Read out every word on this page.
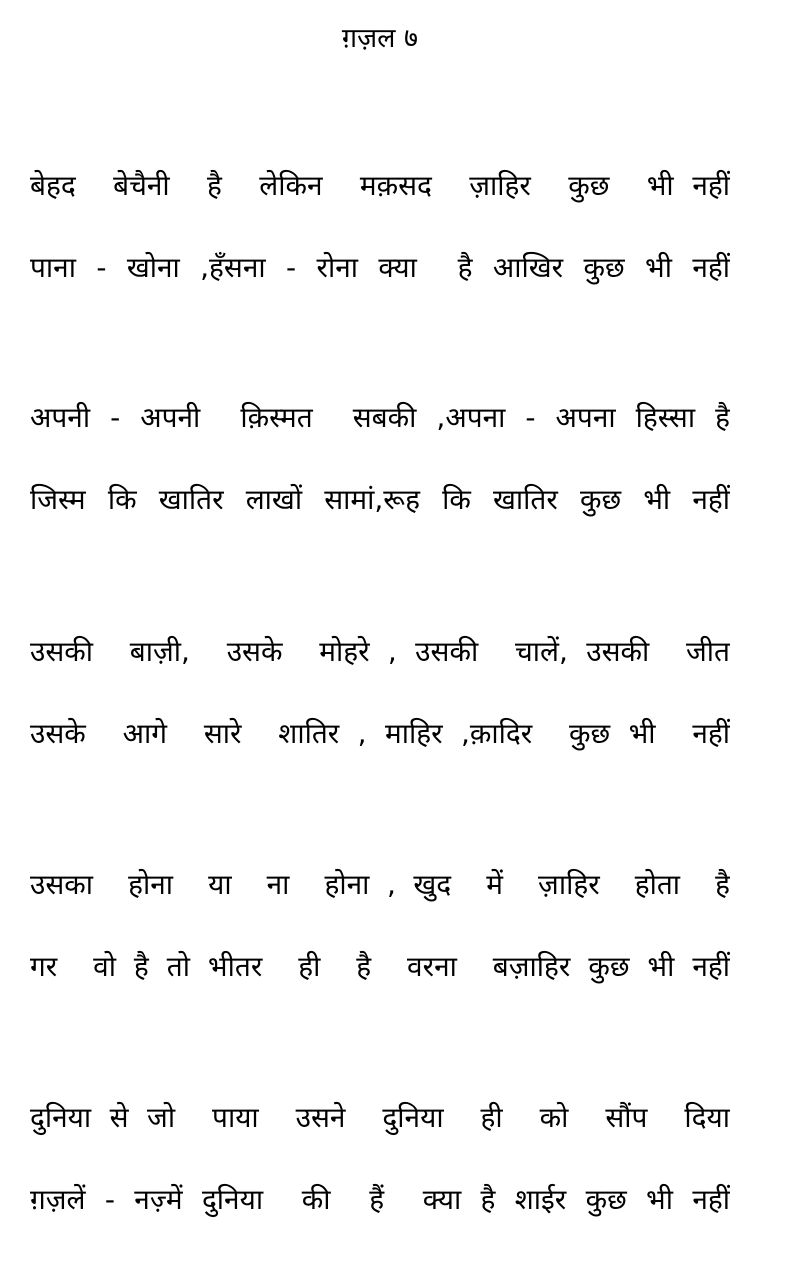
ग़ज़ल ७
बेहद  बेचैनी  है  लेकिन  मक़सद  ज़ाहिर  कुछ  भी नहीं
पाना - खोना ,हँसना - रोना क्या  है आखिर कुछ भी नहीं
अपनी - अपनी  क़िस्मत  सबकी ,अपना - अपना हिस्सा है
जिस्म कि खातिर लाखों सामां,रूह कि खातिर कुछ भी नहीं
उसकी  बाज़ी,  उसके  मोहरे , उसकी  चालें, उसकी  जीत
उसके  आगे  सारे  शातिर , माहिर ,क़ादिर  कुछ भी  नहीं
उसका  होना  या  ना  होना , खुद  में  ज़ाहिर  होता  है
गर  वो है तो भीतर  ही  है  वरना  बज़ाहिर कुछ भी नहीं
दुनिया से जो  पाया  उसने  दुनिया  ही  को  सौंप  दिया
ग़ज़लें - नज़्में दुनिया  की  हैं  क्या है शाईर कुछ भी नहीं
